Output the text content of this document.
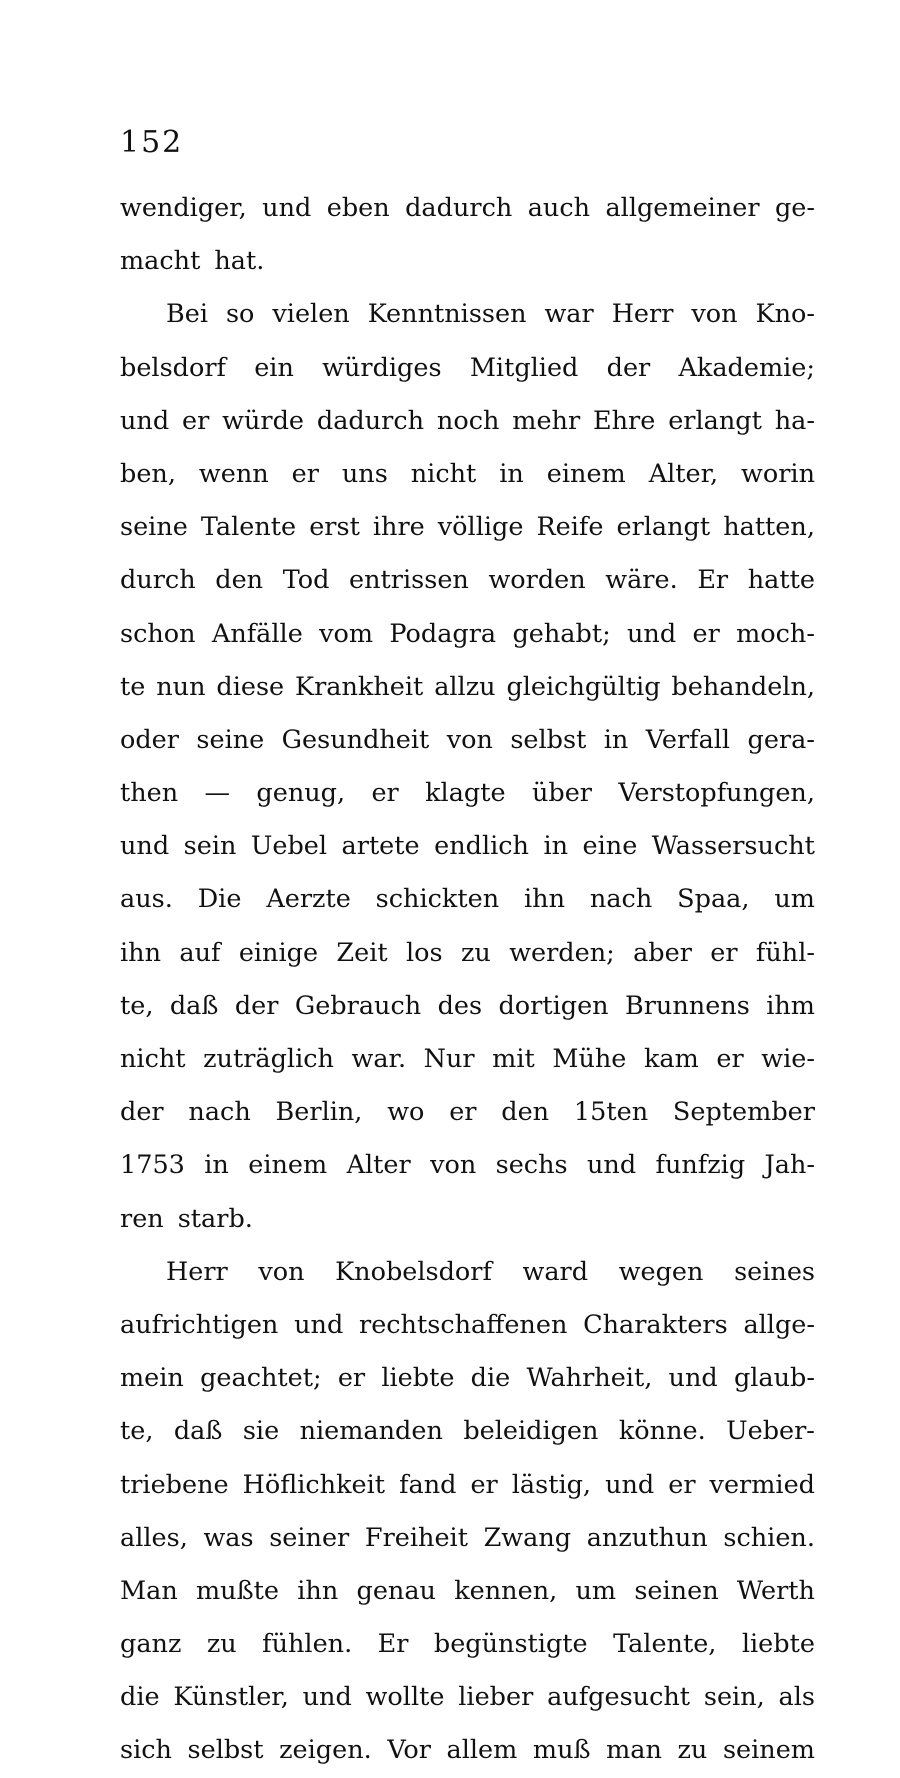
152
wendiger, und eben dadurch auch allgemeiner ge-
macht hat.
Bei so vielen Kenntnissen war Herr von Kno-
belsdorf ein würdiges Mitglied der Akademie;
und er würde dadurch noch mehr Ehre erlangt ha-
ben, wenn er uns nicht in einem Alter, worin
seine Talente erst ihre völlige Reife erlangt hatten,
durch den Tod entrissen worden wäre. Er hatte
schon Anfälle vom Podagra gehabt; und er moch-
te nun diese Krankheit allzu gleichgültig behandeln,
oder seine Gesundheit von selbst in Verfall gera-
then — genug, er klagte über Verstopfungen,
und sein Uebel artete endlich in eine Wassersucht
aus. Die Aerzte schickten ihn nach Spaa, um
ihn auf einige Zeit los zu werden; aber er fühl-
te, daß der Gebrauch des dortigen Brunnens ihm
nicht zuträglich war. Nur mit Mühe kam er wie-
der nach Berlin, wo er den 15ten September
1753 in einem Alter von sechs und funfzig Jah-
ren starb.
Herr von Knobelsdorf ward wegen seines
aufrichtigen und rechtschaffenen Charakters allge-
mein geachtet; er liebte die Wahrheit, und glaub-
te, daß sie niemanden beleidigen könne. Ueber-
triebene Höflichkeit fand er lästig, und er vermied
alles, was seiner Freiheit Zwang anzuthun schien.
Man mußte ihn genau kennen, um seinen Werth
ganz zu fühlen. Er begünstigte Talente, liebte
die Künstler, und wollte lieber aufgesucht sein, als
sich selbst zeigen. Vor allem muß man zu seinem
